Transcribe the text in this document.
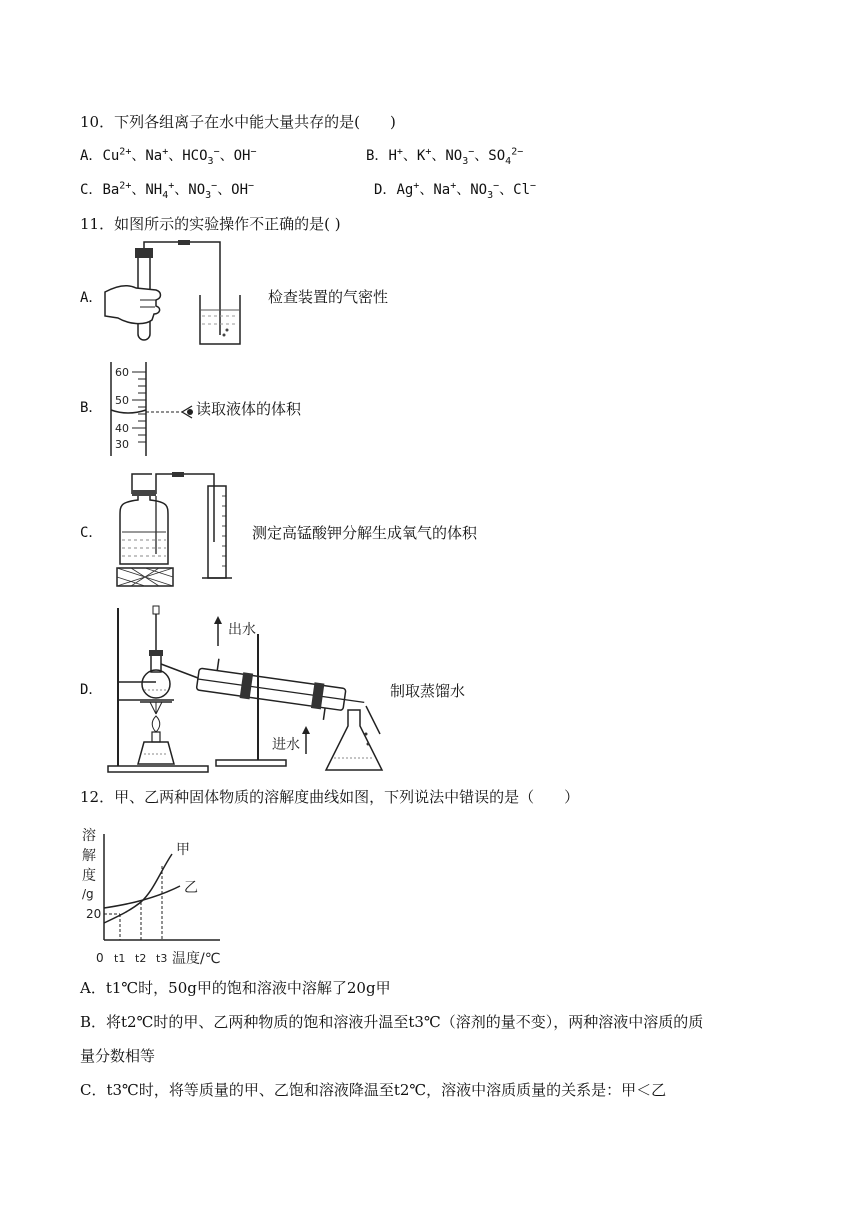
10．下列各组离子在水中能大量共存的是(　　)
A．$Cu^{2+}$、Na+、$HCO_3^-$、OH−	B．H+、K+、$NO_3^-$、$SO_4^{2-}$
C．$Ba^{2+}$、$NH_4^+$、$NO_3^-$、OH−	D．Ag+、Na+、$NO_3^-$、Cl−
11．如图所示的实验操作不正确的是( )
A．	检查装置的气密性
B．
60
50
40
30
读取液体的体积
C．	测定高锰酸钾分解生成氧气的体积
D．
出水
进水
制取蒸馏水
12．甲、乙两种固体物质的溶解度曲线如图，下列说法中错误的是（　　）
溶
解
度
/g
20
甲
乙
0 t1 t2 t3 温度/℃
A．t1℃时，50g甲的饱和溶液中溶解了20g甲
B．将t2℃时的甲、乙两种物质的饱和溶液升温至t3℃（溶剂的量不变），两种溶液中溶质的质
量分数相等
C．t3℃时，将等质量的甲、乙饱和溶液降温至t2℃，溶液中溶质质量的关系是：甲＜乙
